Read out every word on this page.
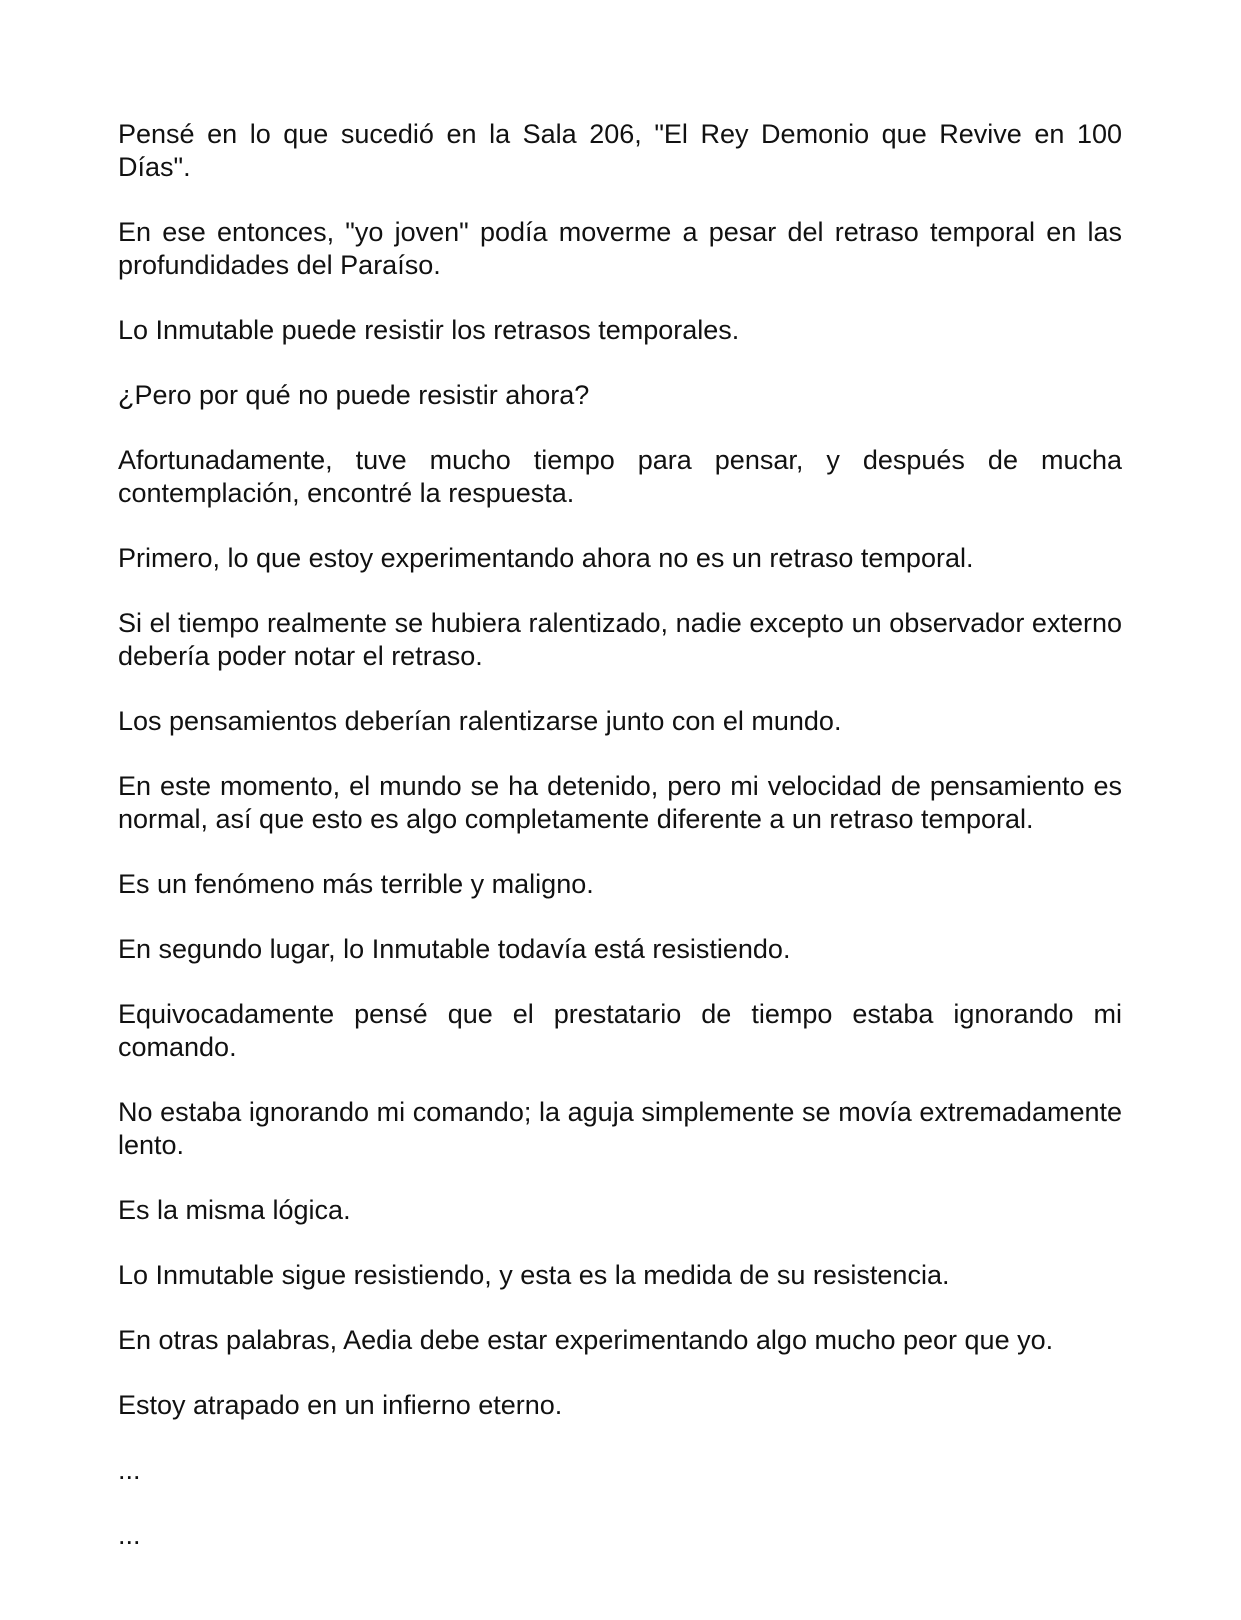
Pensé en lo que sucedió en la Sala 206, "El Rey Demonio que Revive en 100 Días".

En ese entonces, "yo joven" podía moverme a pesar del retraso temporal en las profundidades del Paraíso.

Lo Inmutable puede resistir los retrasos temporales.

¿Pero por qué no puede resistir ahora?

Afortunadamente, tuve mucho tiempo para pensar, y después de mucha contemplación, encontré la respuesta.

Primero, lo que estoy experimentando ahora no es un retraso temporal.

Si el tiempo realmente se hubiera ralentizado, nadie excepto un observador externo debería poder notar el retraso.

Los pensamientos deberían ralentizarse junto con el mundo.

En este momento, el mundo se ha detenido, pero mi velocidad de pensamiento es normal, así que esto es algo completamente diferente a un retraso temporal.

Es un fenómeno más terrible y maligno.

En segundo lugar, lo Inmutable todavía está resistiendo.

Equivocadamente pensé que el prestatario de tiempo estaba ignorando mi comando.

No estaba ignorando mi comando; la aguja simplemente se movía extremadamente lento.

Es la misma lógica.

Lo Inmutable sigue resistiendo, y esta es la medida de su resistencia.

En otras palabras, Aedia debe estar experimentando algo mucho peor que yo.

Estoy atrapado en un infierno eterno.

...

...
